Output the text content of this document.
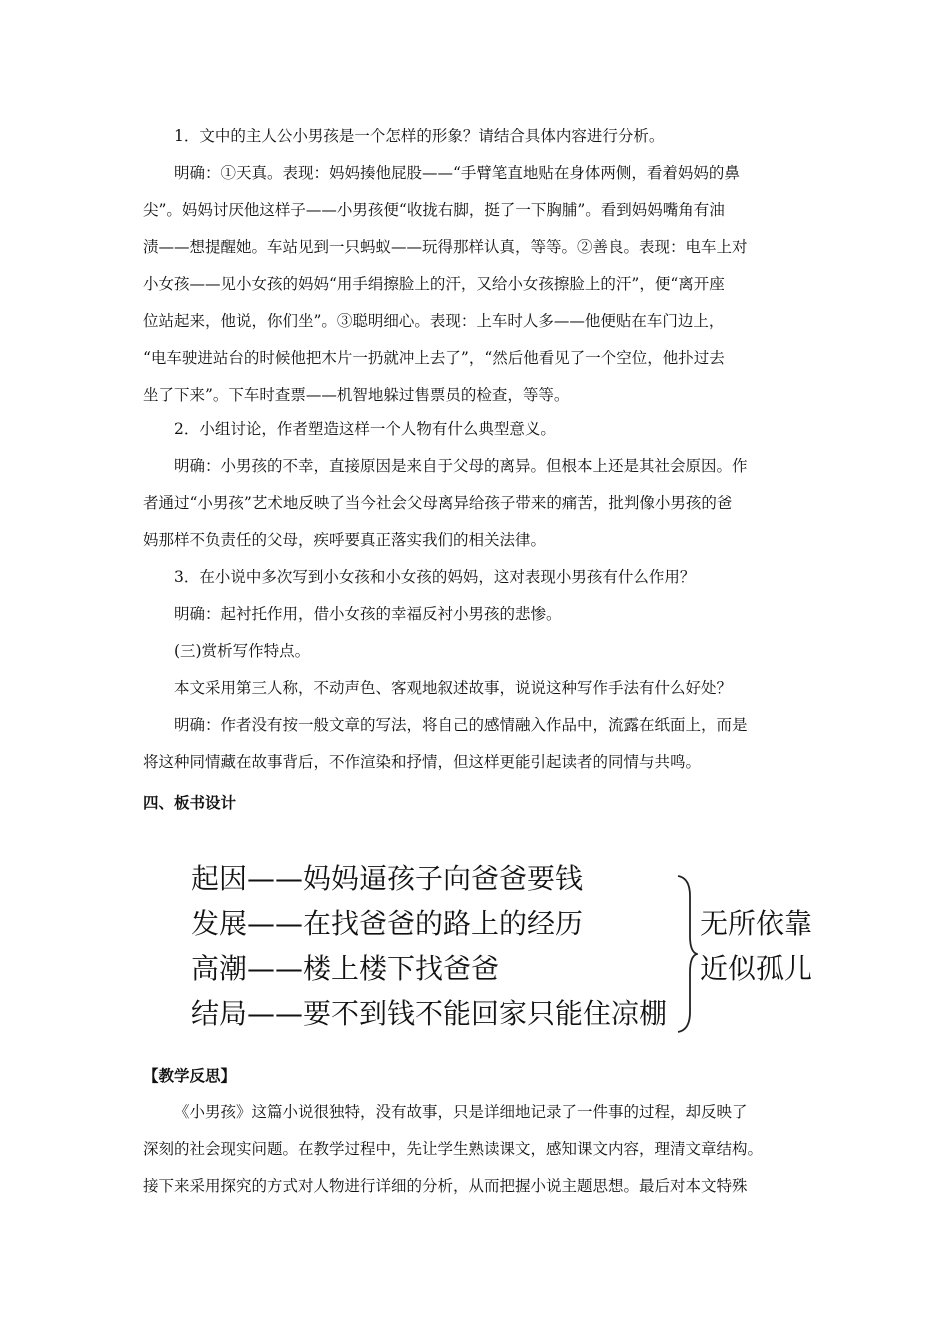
1．文中的主人公小男孩是一个怎样的形象？请结合具体内容进行分析。
明确：①天真。表现：妈妈揍他屁股——“手臂笔直地贴在身体两侧，看着妈妈的鼻
尖”。妈妈讨厌他这样子——小男孩便“收拢右脚，挺了一下胸脯”。看到妈妈嘴角有油
渍——想提醒她。车站见到一只蚂蚁——玩得那样认真，等等。②善良。表现：电车上对
小女孩——见小女孩的妈妈“用手绢擦脸上的汗，又给小女孩擦脸上的汗”，便“离开座
位站起来，他说，你们坐”。③聪明细心。表现：上车时人多——他便贴在车门边上，
“电车驶进站台的时候他把木片一扔就冲上去了”，“然后他看见了一个空位，他扑过去
坐了下来”。下车时查票——机智地躲过售票员的检查，等等。
2．小组讨论，作者塑造这样一个人物有什么典型意义。
明确：小男孩的不幸，直接原因是来自于父母的离异。但根本上还是其社会原因。作
者通过“小男孩”艺术地反映了当今社会父母离异给孩子带来的痛苦，批判像小男孩的爸
妈那样不负责任的父母，疾呼要真正落实我们的相关法律。
3．在小说中多次写到小女孩和小女孩的妈妈，这对表现小男孩有什么作用？
明确：起衬托作用，借小女孩的幸福反衬小男孩的悲惨。
(三)赏析写作特点。
本文采用第三人称，不动声色、客观地叙述故事，说说这种写作手法有什么好处？
明确：作者没有按一般文章的写法，将自己的感情融入作品中，流露在纸面上，而是
将这种同情藏在故事背后，不作渲染和抒情，但这样更能引起读者的同情与共鸣。
四、板书设计
起因——妈妈逼孩子向爸爸要钱
发展——在找爸爸的路上的经历
高潮——楼上楼下找爸爸
结局——要不到钱不能回家只能住凉棚
无所依靠
近似孤儿
【教学反思】
《小男孩》这篇小说很独特，没有故事，只是详细地记录了一件事的过程，却反映了
深刻的社会现实问题。在教学过程中，先让学生熟读课文，感知课文内容，理清文章结构。
接下来采用探究的方式对人物进行详细的分析，从而把握小说主题思想。最后对本文特殊
